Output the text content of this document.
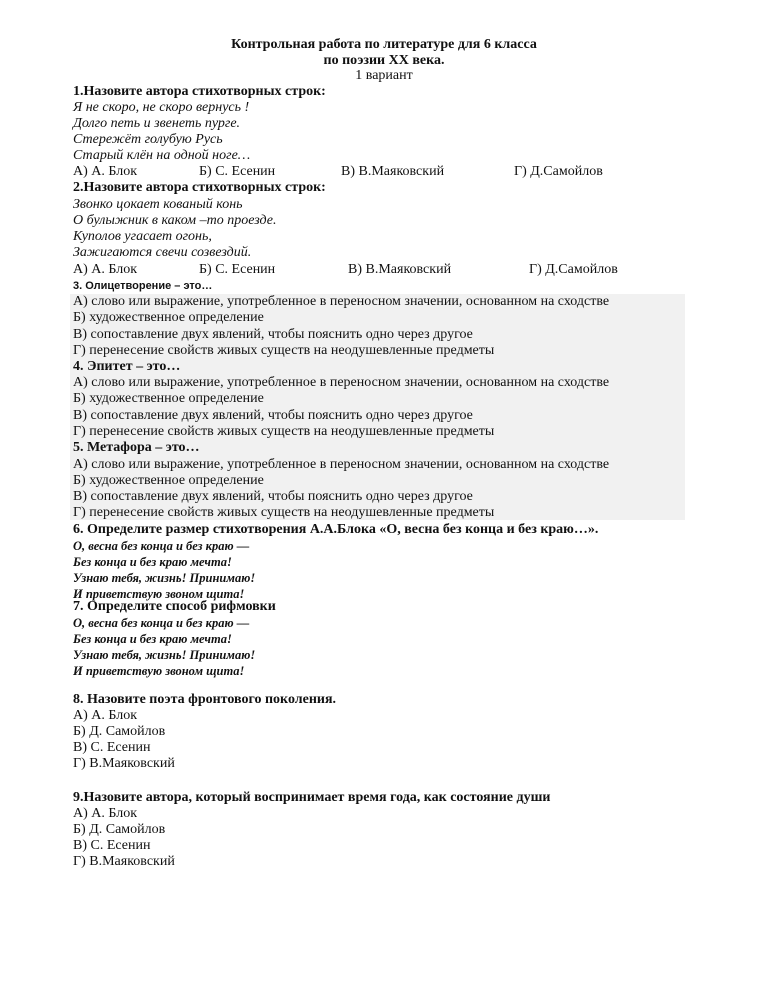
Контрольная работа по литературе для 6 класса
по поэзии XX века.
1 вариант
1.Назовите автора стихотворных строк:
Я не скоро, не скоро вернусь !
Долго петь и звенеть пурге.
Стережёт голубую Русь
Старый клён на одной ноге…
А) А. Блок	Б) С. Есенин	В) В.Маяковский	Г) Д.Самойлов
2.Назовите автора стихотворных строк:
Звонко цокает кованый конь
О булыжник в каком –то проезде.
Куполов угасает огонь,
Зажигаются свечи созвездий.
А) А. Блок	Б) С. Есенин	В) В.Маяковский	Г) Д.Самойлов
3. Олицетворение – это…
А) слово или выражение, употребленное в переносном значении, основанном на сходстве
Б) художественное определение
В) сопоставление двух явлений, чтобы пояснить одно через другое
Г) перенесение свойств живых существ на неодушевленные предметы
4. Эпитет – это…
А) слово или выражение, употребленное в переносном значении, основанном на сходстве
Б) художественное определение
В) сопоставление двух явлений, чтобы пояснить одно через другое
Г) перенесение свойств живых существ на неодушевленные предметы
5. Метафора – это…
А) слово или выражение, употребленное в переносном значении, основанном на сходстве
Б) художественное определение
В) сопоставление двух явлений, чтобы пояснить одно через другое
Г) перенесение свойств живых существ на неодушевленные предметы
6. Определите размер стихотворения А.А.Блока «О, весна без конца и без краю…».
О, весна без конца и без краю —
Без конца и без краю мечта!
Узнаю тебя, жизнь! Принимаю!
И приветствую звоном щита!
7. Определите способ рифмовки
О, весна без конца и без краю —
Без конца и без краю мечта!
Узнаю тебя, жизнь! Принимаю!
И приветствую звоном щита!
8. Назовите поэта фронтового поколения.
А) А. Блок
Б) Д. Самойлов
В) С. Есенин
Г) В.Маяковский
9.Назовите автора, который воспринимает время года, как состояние души
А) А. Блок
Б) Д. Самойлов
В) С. Есенин
Г) В.Маяковский
